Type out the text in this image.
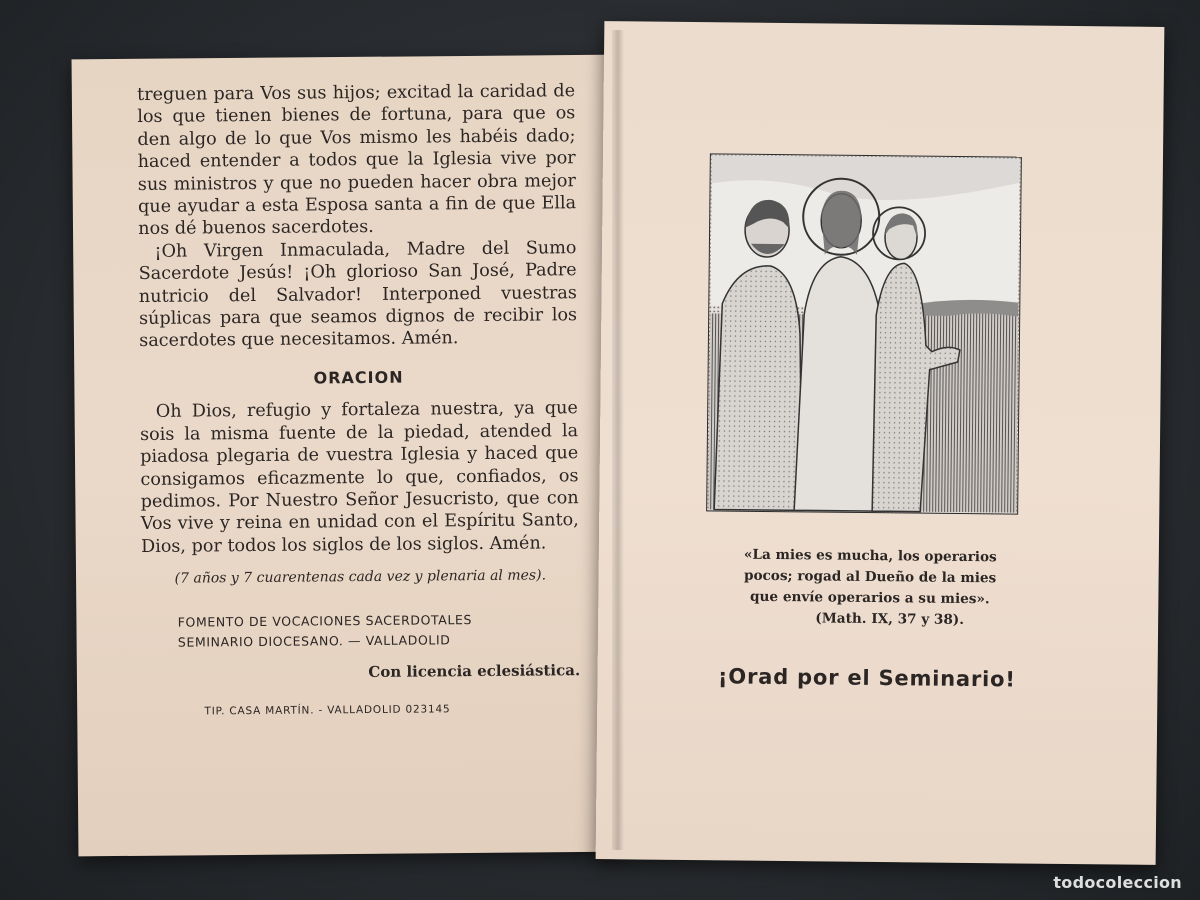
treguen para Vos sus hijos; excitad la caridad de los que tienen bienes de fortuna, para que os den algo de lo que Vos mismo les habéis dado; haced entender a todos que la Iglesia vive por sus ministros y que no pueden hacer obra mejor que ayudar a esta Esposa santa a fin de que Ella nos dé buenos sacerdotes.

¡Oh Virgen Inmaculada, Madre del Sumo Sacerdote Jesús! ¡Oh glorioso San José, Padre nutricio del Salvador! Interponed vuestras súplicas para que seamos dignos de recibir los sacerdotes que necesitamos. Amén.

ORACION

Oh Dios, refugio y fortaleza nuestra, ya que sois la misma fuente de la piedad, atended la piadosa plegaria de vuestra Iglesia y haced que consigamos eficazmente lo que, confiados, os pedimos. Por Nuestro Señor Jesucristo, que con Vos vive y reina en unidad con el Espíritu Santo, Dios, por todos los siglos de los siglos. Amén.

(7 años y 7 cuarentenas cada vez y plenaria al mes).
FOMENTO DE VOCACIONES SACERDOTALES
SEMINARIO DIOCESANO. — VALLADOLID
Con licencia eclesiástica.
TIP. CASA MARTÍN. - VALLADOLID 023145
«La mies es mucha, los operarios
pocos; rogad al Dueño de la mies
que envíe operarios a su mies».
(Math. IX, 37 y 38).
¡Orad por el Seminario!
todocoleccion
